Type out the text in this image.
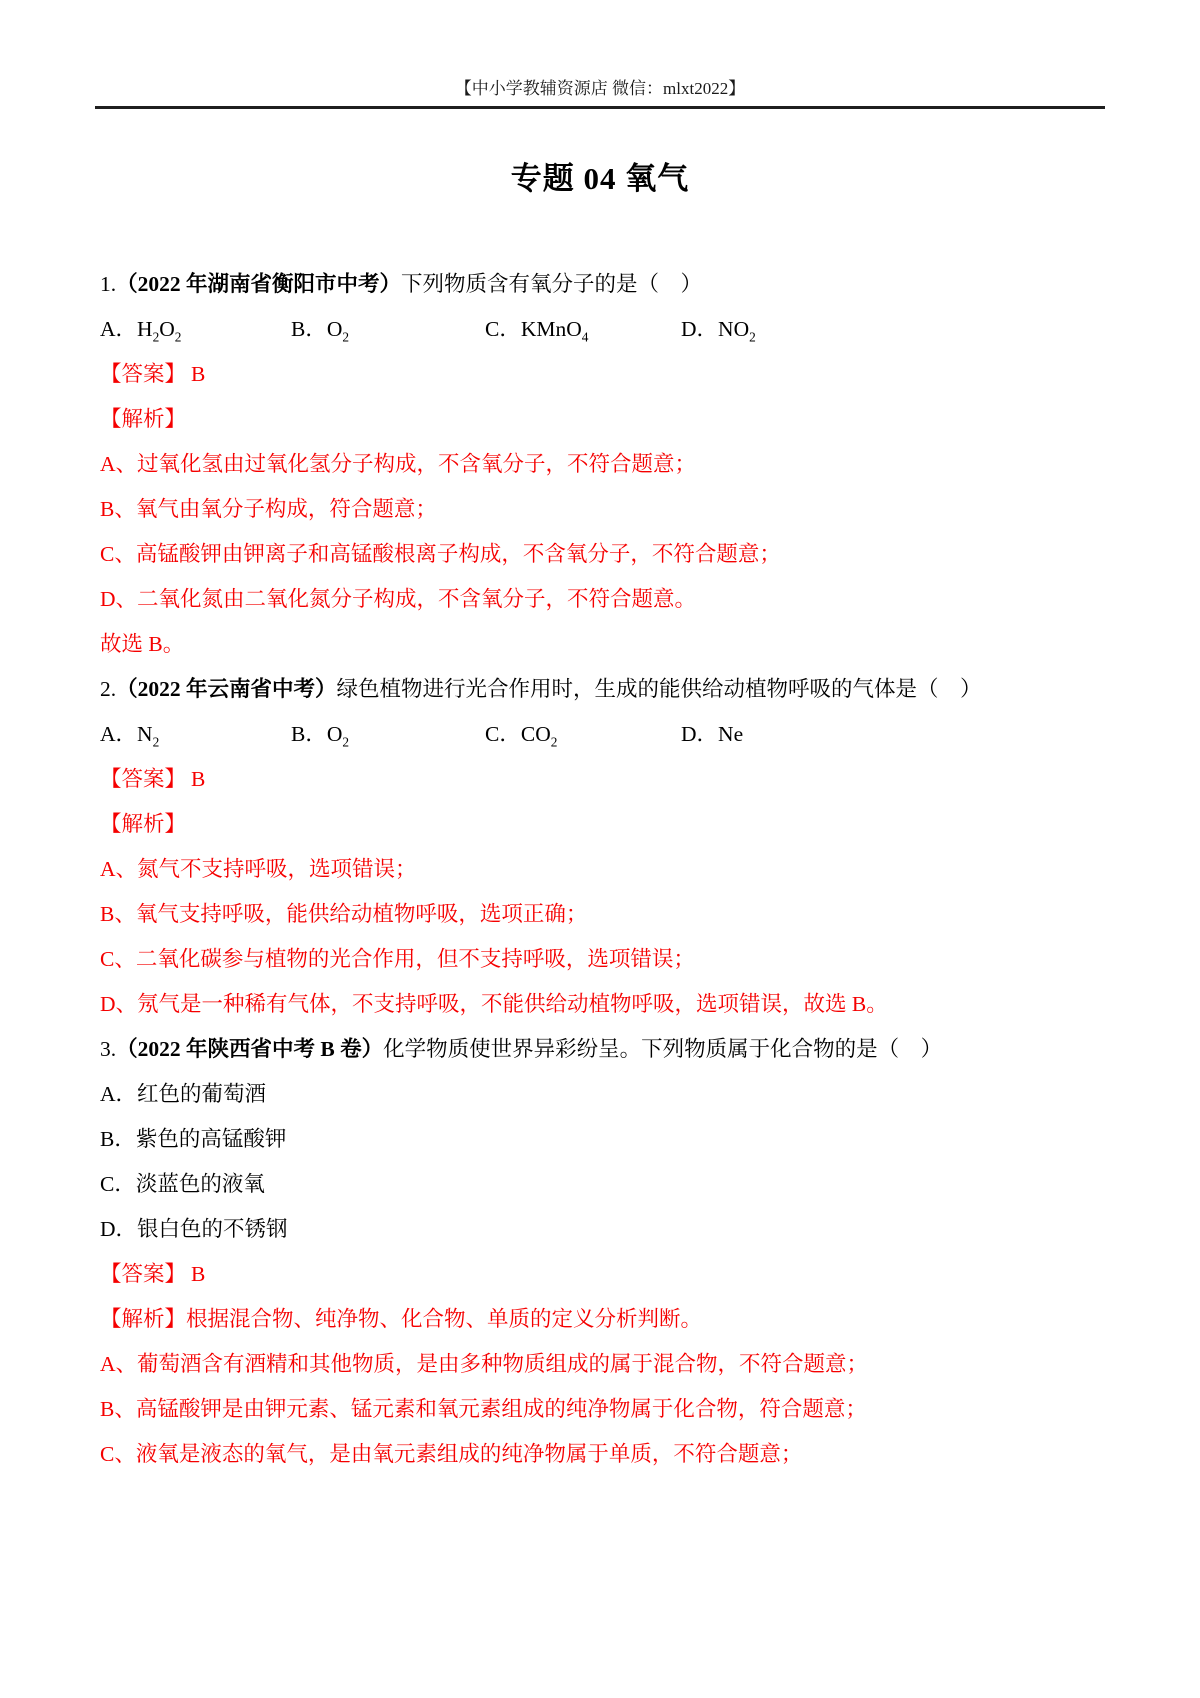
【中小学教辅资源店 微信：mlxt2022】
专题 04 氧气

1.（2022 年湖南省衡阳市中考）下列物质含有氧分子的是（　）

A．$H_2O_2$	B．$O_2$	C．KMnO$_4$	D．$NO_2$

【答案】 B

【解析】

A、过氧化氢由过氧化氢分子构成，不含氧分子，不符合题意；

B、氧气由氧分子构成，符合题意；

C、高锰酸钾由钾离子和高锰酸根离子构成，不含氧分子，不符合题意；

D、二氧化氮由二氧化氮分子构成，不含氧分子，不符合题意。

故选 B。

2.（2022 年云南省中考）绿色植物进行光合作用时，生成的能供给动植物呼吸的气体是（　）

A．$N_2$	B．$O_2$	C．$CO_2$	D．Ne

【答案】 B

【解析】

A、氮气不支持呼吸，选项错误；

B、氧气支持呼吸，能供给动植物呼吸，选项正确；

C、二氧化碳参与植物的光合作用，但不支持呼吸，选项错误；

D、氖气是一种稀有气体，不支持呼吸，不能供给动植物呼吸，选项错误，故选 B。

3.（2022 年陕西省中考 B 卷）化学物质使世界异彩纷呈。下列物质属于化合物的是（　）

A．红色的葡萄酒

B．紫色的高锰酸钾

C．淡蓝色的液氧

D．银白色的不锈钢

【答案】 B

【解析】根据混合物、纯净物、化合物、单质的定义分析判断。

A、葡萄酒含有酒精和其他物质，是由多种物质组成的属于混合物，不符合题意；

B、高锰酸钾是由钾元素、锰元素和氧元素组成的纯净物属于化合物，符合题意；

C、液氧是液态的氧气，是由氧元素组成的纯净物属于单质，不符合题意；
